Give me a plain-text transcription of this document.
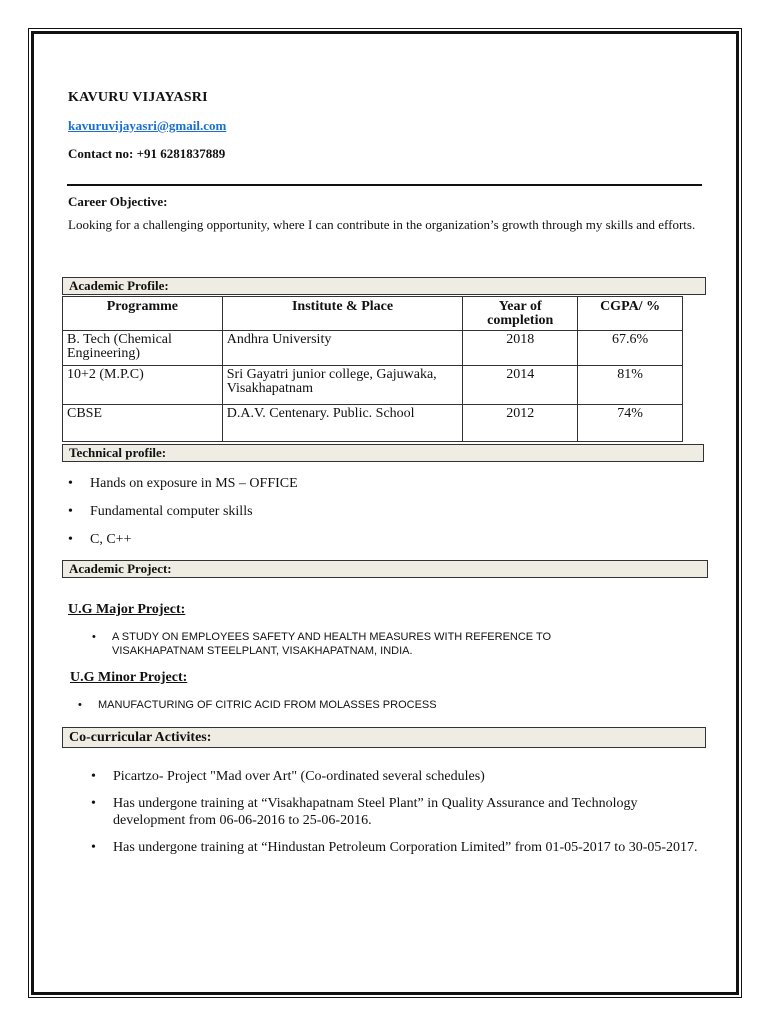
KAVURU VIJAYASRI
kavuruvijayasri@gmail.com
Contact no: +91 6281837889
Career Objective:
Looking for a challenging opportunity, where I can contribute in the organization’s growth through my skills and efforts.
Academic Profile:
Programme	Institute & Place	Year of completion	CGPA/ %
B. Tech (Chemical Engineering)	Andhra University	2018	67.6%
10+2 (M.P.C)	Sri Gayatri junior college, Gajuwaka, Visakhapatnam	2014	81%
CBSE	D.A.V. Centenary. Public. School	2012	74%
Technical profile:
• Hands on exposure in MS – OFFICE
• Fundamental computer skills
• C, C++
Academic Project:
U.G Major Project:
• A STUDY ON EMPLOYEES SAFETY AND HEALTH MEASURES WITH REFERENCE TO VISAKHAPATNAM STEELPLANT, VISAKHAPATNAM, INDIA.
U.G Minor Project:
• MANUFACTURING OF CITRIC ACID FROM MOLASSES PROCESS
Co-curricular Activites:
• Picartzo- Project "Mad over Art" (Co-ordinated several schedules)
• Has undergone training at “Visakhapatnam Steel Plant” in Quality Assurance and Technology development from 06-06-2016 to 25-06-2016.
• Has undergone training at “Hindustan Petroleum Corporation Limited” from 01-05-2017 to 30-05-2017.
